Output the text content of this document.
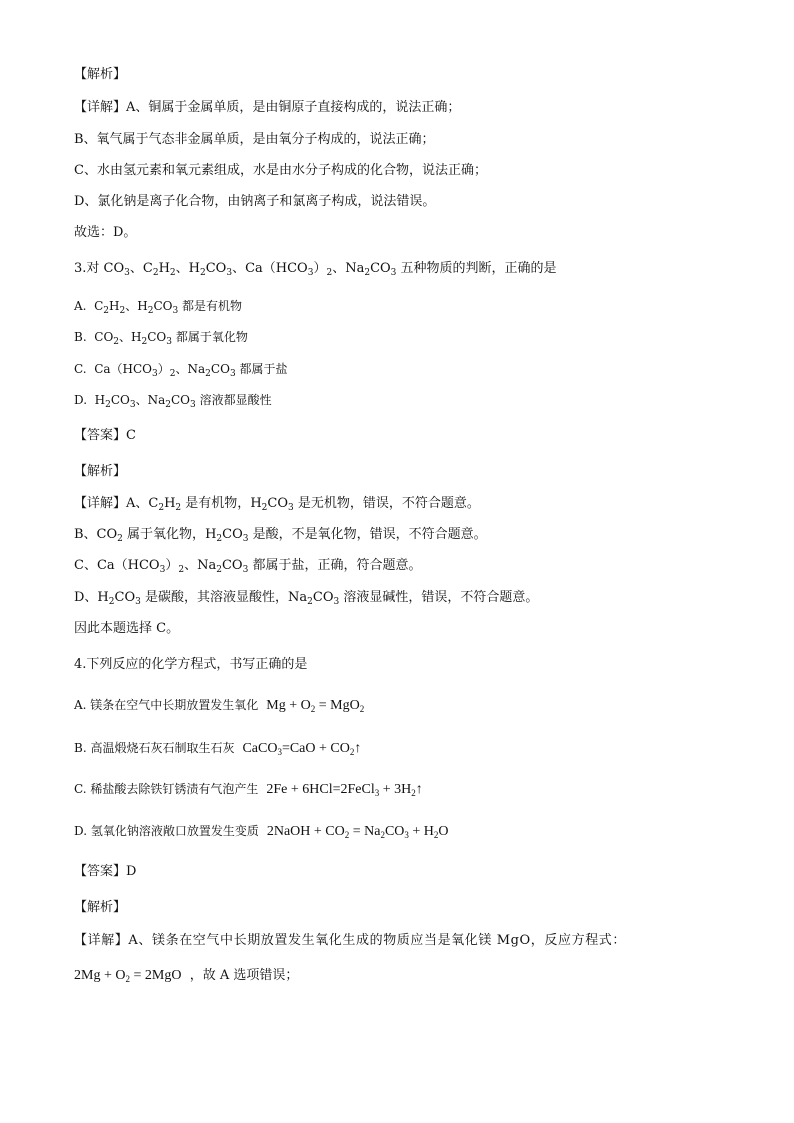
【解析】
【详解】A、铜属于金属单质，是由铜原子直接构成的，说法正确；
B、氧气属于气态非金属单质，是由氧分子构成的，说法正确；
C、水由氢元素和氧元素组成，水是由水分子构成的化合物，说法正确；
D、氯化钠是离子化合物，由钠离子和氯离子构成，说法错误。
故选：D。
3.对 $CO_3$、$C_2H_2$、$H_2CO_3$、$Ca(HCO_3)_2$、$Na_2CO_3$ 五种物质的判断，正确的是
A.  $C_2H_2$、$H_2CO_3$ 都是有机物
B.  $CO_2$、$H_2CO_3$ 都属于氧化物
C.  $Ca(HCO_3)_2$、$Na_2CO_3$ 都属于盐
D.  $H_2CO_3$、$Na_2CO_3$ 溶液都显酸性
【答案】C
【解析】
【详解】A、$C_2H_2$ 是有机物，$H_2CO_3$ 是无机物，错误，不符合题意。
B、$CO_2$ 属于氧化物，$H_2CO_3$ 是酸，不是氧化物，错误，不符合题意。
C、$Ca(HCO_3)_2$、$Na_2CO_3$ 都属于盐，正确，符合题意。
D、$H_2CO_3$ 是碳酸，其溶液显酸性，$Na_2CO_3$ 溶液显碱性，错误，不符合题意。
因此本题选择 C。
4.下列反应的化学方程式，书写正确的是
A. 镁条在空气中长期放置发生氧化 $Mg + O_2 = MgO_2$
B. 高温煅烧石灰石制取生石灰 CaCO$_3$=CaO + $CO_2↑$
C. 稀盐酸去除铁钉锈渍有气泡产生 2Fe + 6HCl=2FeCl$_3$ + $3H_2↑$
D. 氢氧化钠溶液敞口放置发生变质 2NaOH + $CO_2 = Na_2CO_3 + H_2O$
【答案】D
【解析】
【详解】A、镁条在空气中长期放置发生氧化生成的物质应当是氧化镁 MgO，反应方程式：
$2Mg + O_2 = 2MgO$ ，故 A 选项错误；
